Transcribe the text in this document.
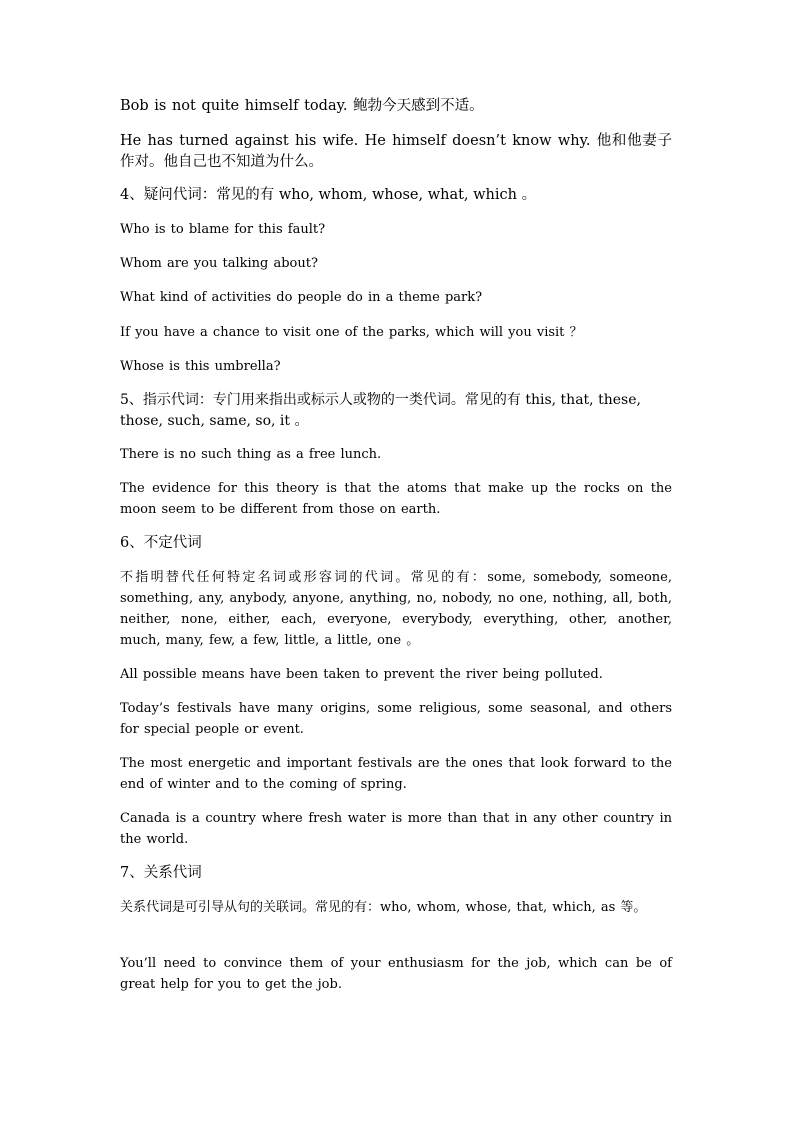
Bob is not quite himself today. 鲍勃今天感到不适。

He has turned against his wife. He himself doesn’t know why. 他和他妻子作对。他自己也不知道为什么。

4、疑问代词：常见的有 who, whom, whose, what, which 。

Who is to blame for this fault?

Whom are you talking about?

What kind of activities do people do in a theme park?

If you have a chance to visit one of the parks, which will you visit ？

Whose is this umbrella?

5、指示代词：专门用来指出或标示人或物的一类代词。常见的有 this, that, these, those, such, same, so, it 。

There is no such thing as a free lunch.

The evidence for this theory is that the atoms that make up the rocks on the moon seem to be different from those on earth.

6、不定代词

不指明替代任何特定名词或形容词的代词。常见的有：some, somebody, someone, something, any, anybody, anyone, anything, no, nobody, no one, nothing, all, both, neither, none, either, each, everyone, everybody, everything, other, another, much, many, few, a few, little, a little, one 。

All possible means have been taken to prevent the river being polluted.

Today’s festivals have many origins, some religious, some seasonal, and others for special people or event.

The most energetic and important festivals are the ones that look forward to the end of winter and to the coming of spring.

Canada is a country where fresh water is more than that in any other country in the world.

7、关系代词

关系代词是可引导从句的关联词。常见的有：who, whom, whose, that, which, as 等。

You’ll need to convince them of your enthusiasm for the job, which can be of great help for you to get the job.
